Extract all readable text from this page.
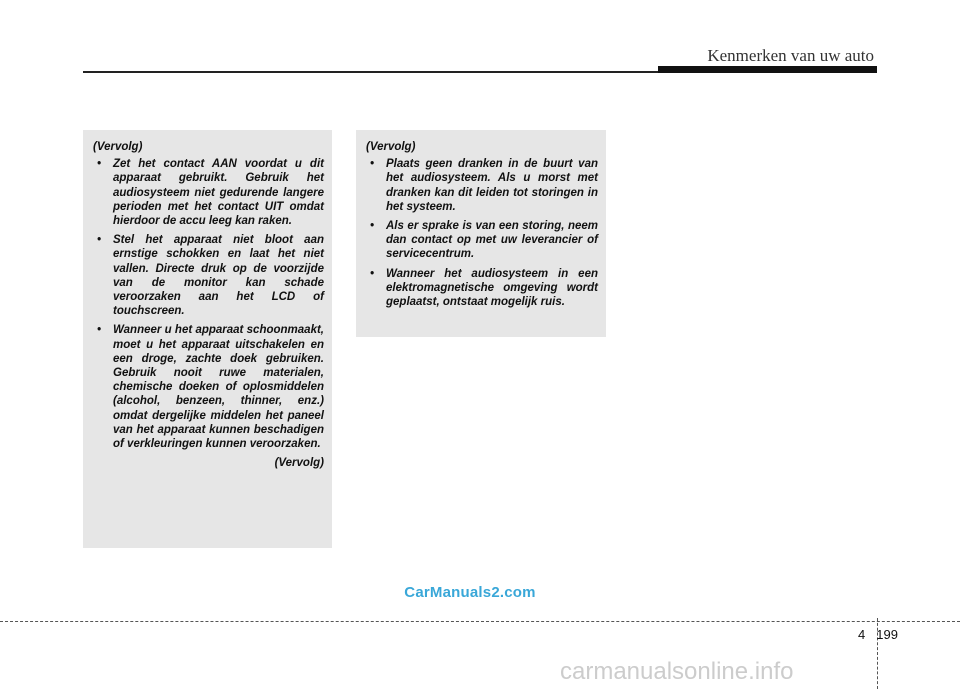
Kenmerken van uw auto
(Vervolg)
• Zet het contact AAN voordat u dit apparaat gebruikt. Gebruik het audiosysteem niet gedurende langere perioden met het contact UIT omdat hierdoor de accu leeg kan raken.
• Stel het apparaat niet bloot aan ernstige schokken en laat het niet vallen. Directe druk op de voorzijde van de monitor kan schade veroorzaken aan het LCD of touchscreen.
• Wanneer u het apparaat schoonmaakt, moet u het apparaat uitschakelen en een droge, zachte doek gebruiken. Gebruik nooit ruwe materialen, chemische doeken of oplosmiddelen (alcohol, benzeen, thinner, enz.) omdat dergelijke middelen het paneel van het apparaat kunnen beschadigen of verkleuringen kunnen veroorzaken.
(Vervolg)
(Vervolg)
• Plaats geen dranken in de buurt van het audiosysteem. Als u morst met dranken kan dit leiden tot storingen in het systeem.
• Als er sprake is van een storing, neem dan contact op met uw leverancier of servicecentrum.
• Wanneer het audiosysteem in een elektromagnetische omgeving wordt geplaatst, ontstaat mogelijk ruis.
CarManuals2.com
4 199
carmanualsonline.info
